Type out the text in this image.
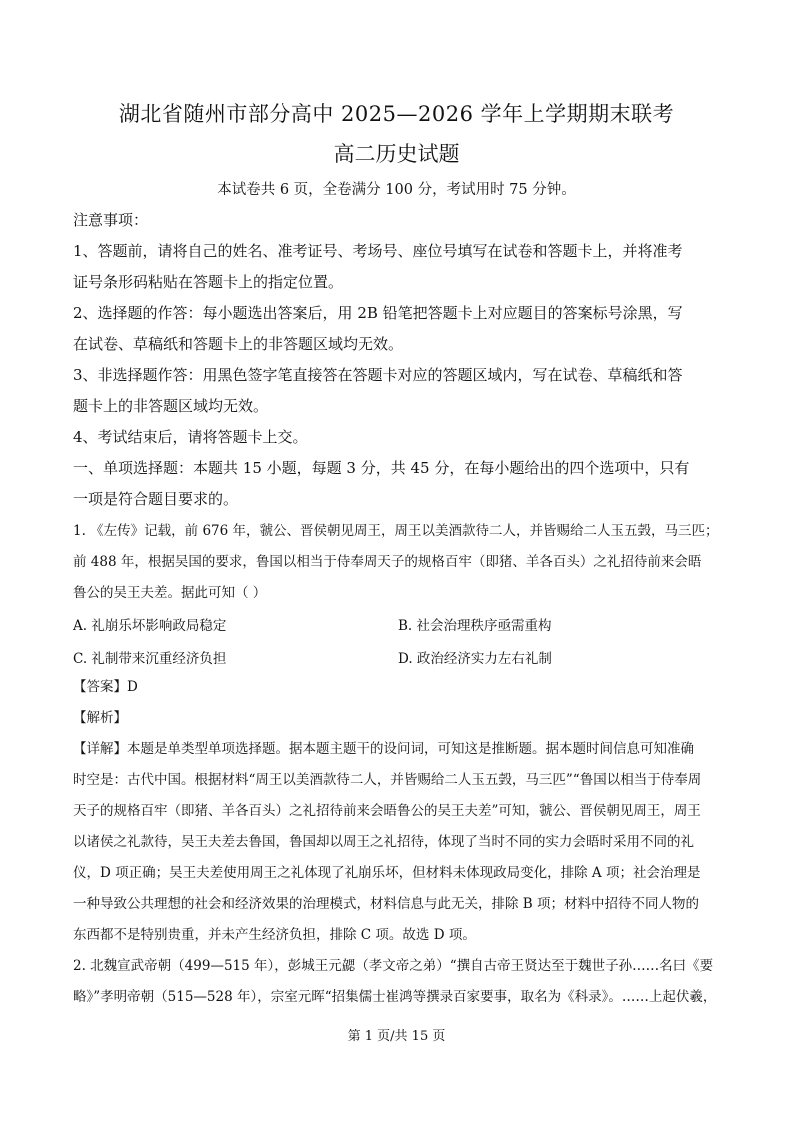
湖北省随州市部分高中 2025—2026 学年上学期期末联考
高二历史试题
本试卷共 6 页，全卷满分 100 分，考试用时 75 分钟。
注意事项：
1、答题前，请将自己的姓名、准考证号、考场号、座位号填写在试卷和答题卡上，并将准考
证号条形码粘贴在答题卡上的指定位置。
2、选择题的作答：每小题选出答案后，用 2B 铅笔把答题卡上对应题目的答案标号涂黑，写
在试卷、草稿纸和答题卡上的非答题区域均无效。
3、非选择题作答：用黑色签字笔直接答在答题卡对应的答题区域内，写在试卷、草稿纸和答
题卡上的非答题区域均无效。
4、考试结束后，请将答题卡上交。
一、单项选择题：本题共 15 小题，每题 3 分，共 45 分，在每小题给出的四个选项中，只有
一项是符合题目要求的。
1. 《左传》记载，前 676 年，虢公、晋侯朝见周王，周王以美酒款待二人，并皆赐给二人玉五瑴，马三匹；
前 488 年，根据吴国的要求，鲁国以相当于侍奉周天子的规格百牢（即猪、羊各百头）之礼招待前来会晤
鲁公的吴王夫差。据此可知（ ）
A. 礼崩乐坏影响政局稳定	B. 社会治理秩序亟需重构
C. 礼制带来沉重经济负担	D. 政治经济实力左右礼制
【答案】D
【解析】
【详解】本题是单类型单项选择题。据本题主题干的设问词，可知这是推断题。据本题时间信息可知准确
时空是：古代中国。根据材料“周王以美酒款待二人，并皆赐给二人玉五瑴，马三匹”“鲁国以相当于侍奉周
天子的规格百牢（即猪、羊各百头）之礼招待前来会晤鲁公的吴王夫差”可知，虢公、晋侯朝见周王，周王
以诸侯之礼款待，吴王夫差去鲁国，鲁国却以周王之礼招待，体现了当时不同的实力会晤时采用不同的礼
仪，D 项正确；吴王夫差使用周王之礼体现了礼崩乐坏，但材料未体现政局变化，排除 A 项；社会治理是
一种导致公共理想的社会和经济效果的治理模式，材料信息与此无关，排除 B 项；材料中招待不同人物的
东西都不是特别贵重，并未产生经济负担，排除 C 项。故选 D 项。
2. 北魏宣武帝朝（499—515 年），彭城王元勰（孝文帝之弟）“撰自古帝王贤达至于魏世子孙……名曰《要
略》”孝明帝朝（515—528 年），宗室元晖“招集儒士崔鸿等撰录百家要事，取名为《科录》。……上起伏羲，
第 1 页/共 15 页
